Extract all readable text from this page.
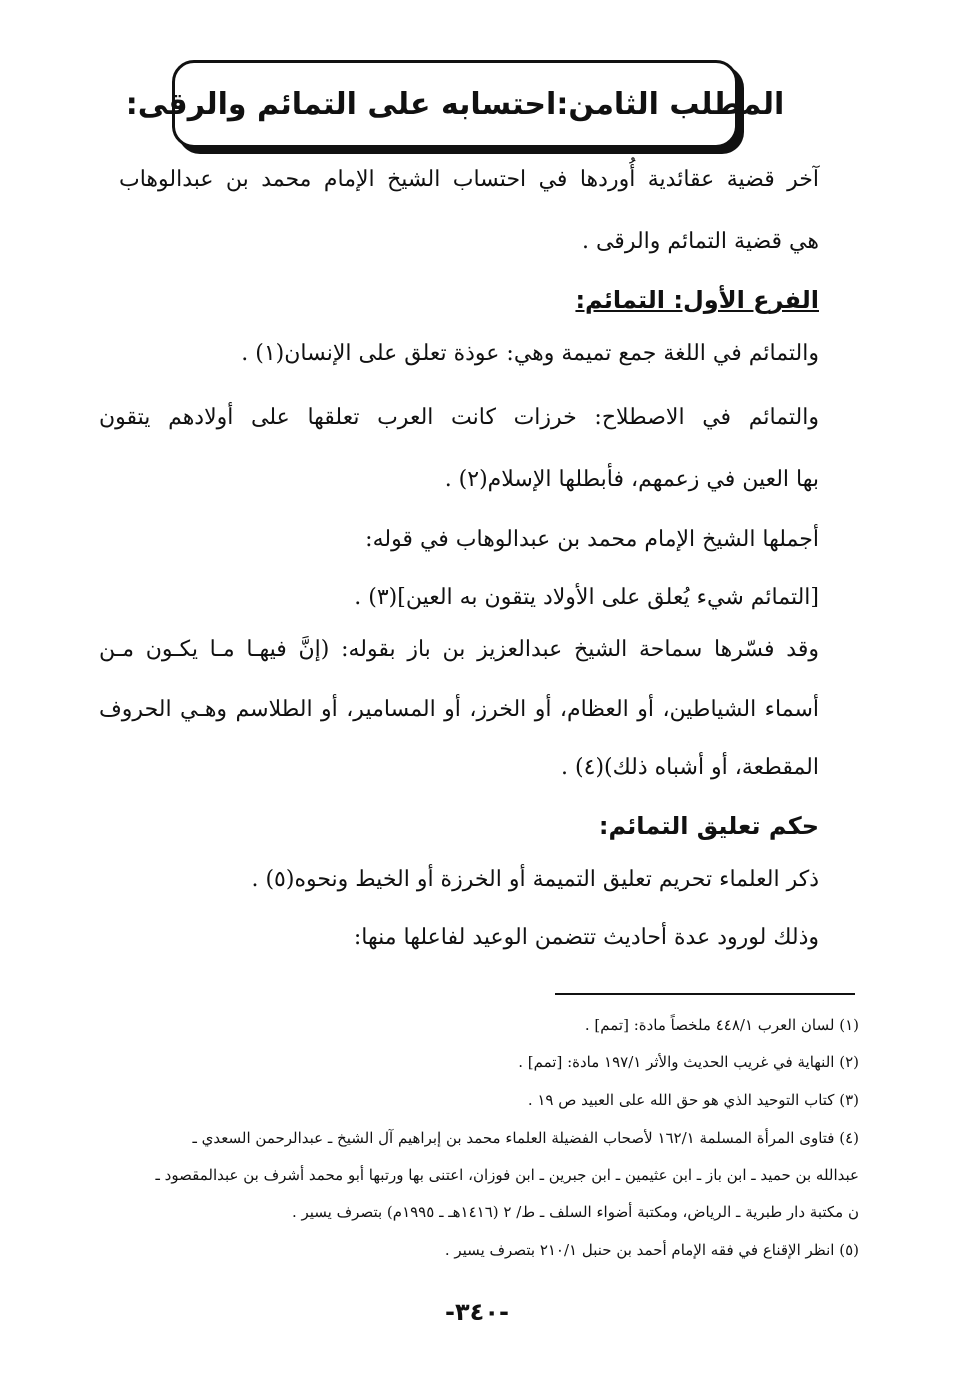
المطلب الثامن:احتسابه على التمائم والرقى:

آخر قضية عقائدية أُوردها في احتساب الشيخ الإمام محمد بن عبدالوهاب

هي قضية التمائم والرقى .

الفرع الأول: التمائم:

والتمائم في اللغة جمع تميمة وهي: عوذة تعلق على الإنسان(١) .

والتمائم في الاصطلاح: خرزات كانت العرب تعلقها على أولادهم يتقون

بها العين في زعمهم، فأبطلها الإسلام(٢) .

أجملها الشيخ الإمام محمد بن عبدالوهاب في قوله:

[التمائم شيء يُعلق على الأولاد يتقون به العين](٣) .

وقد فسّرها سماحة الشيخ عبدالعزيز بن باز بقوله: (إنَّ فيهـا مـا يكـون مـن

أسماء الشياطين، أو العظام، أو الخرز، أو المسامير، أو الطلاسم وهـي الحروف

المقطعة، أو أشباه ذلك)(٤) .

حكم تعليق التمائم:

ذكر العلماء تحريم تعليق التميمة أو الخرزة أو الخيط ونحوه(٥) .

وذلك لورود عدة أحاديث تتضمن الوعيد لفاعلها منها:

(١) لسان العرب ٤٤٨/١ ملخصاً مادة: [تمم] .

(٢) النهاية في غريب الحديث والأثر ١٩٧/١ مادة: [تمم] .

(٣) كتاب التوحيد الذي هو حق الله على العبيد ص ١٩ .

(٤) فتاوى المرأة المسلمة ١٦٢/١ لأصحاب الفضيلة العلماء محمد بن إبراهيم آل الشيخ ـ عبدالرحمن السعدي ـ

عبدالله بن حميد ـ ابن باز ـ ابن عثيمين ـ ابن جبرين ـ ابن فوزان، اعتنى بها ورتبها أبو محمد أشرف بن عبدالمقصود ـ

ن مكتبة دار طبرية ـ الرياض، ومكتبة أضواء السلف ـ ط/ ٢ (١٤١٦هـ ـ ١٩٩٥م) بتصرف يسير .

(٥) انظر الإقناع في فقه الإمام أحمد بن حنبل ٢١٠/١ بتصرف يسير .

-٣٤٠-
